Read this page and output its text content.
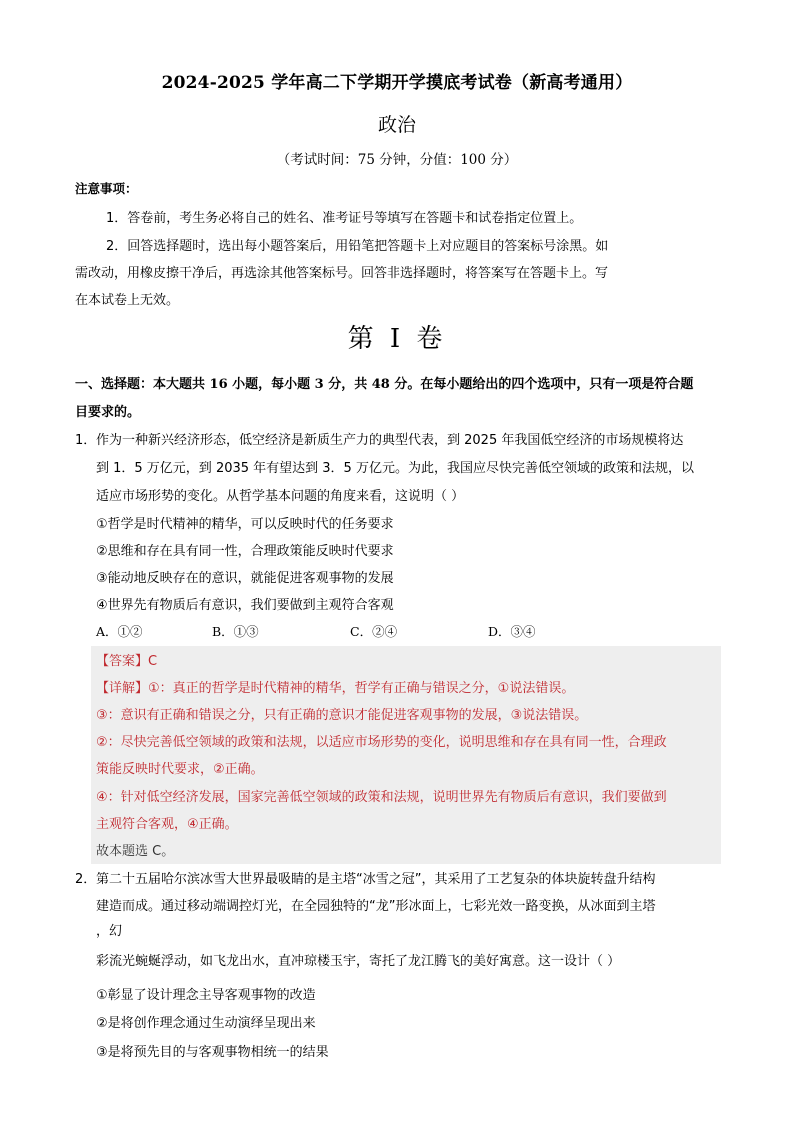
2024-2025 学年高二下学期开学摸底考试卷（新高考通用）
政治
（考试时间：75 分钟，分值：100 分）
注意事项：
1．答卷前，考生务必将自己的姓名、准考证号等填写在答题卡和试卷指定位置上。
2．回答选择题时，选出每小题答案后，用铅笔把答题卡上对应题目的答案标号涂黑。如
需改动，用橡皮擦干净后，再选涂其他答案标号。回答非选择题时，将答案写在答题卡上。写
在本试卷上无效。
第 I 卷
一、选择题：本大题共 16 小题，每小题 3 分，共 48 分。在每小题给出的四个选项中，只有一项是符合题
目要求的。
1． 作为一种新兴经济形态，低空经济是新质生产力的典型代表，到 2025 年我国低空经济的市场规模将达
到 1．5 万亿元，到 2035 年有望达到 3．5 万亿元。为此，我国应尽快完善低空领域的政策和法规，以
适应市场形势的变化。从哲学基本问题的角度来看，这说明（ ）
①哲学是时代精神的精华，可以反映时代的任务要求
②思维和存在具有同一性，合理政策能反映时代要求
③能动地反映存在的意识，就能促进客观事物的发展
④世界先有物质后有意识，我们要做到主观符合客观
A．①②	B．①③	C．②④	D．③④
【答案】C
【详解】①：真正的哲学是时代精神的精华，哲学有正确与错误之分，①说法错误。
③：意识有正确和错误之分，只有正确的意识才能促进客观事物的发展，③说法错误。
②：尽快完善低空领域的政策和法规，以适应市场形势的变化，说明思维和存在具有同一性，合理政
策能反映时代要求，②正确。
④：针对低空经济发展，国家完善低空领域的政策和法规，说明世界先有物质后有意识，我们要做到
主观符合客观，④正确。
故本题选 C。
2． 第二十五届哈尔滨冰雪大世界最吸睛的是主塔“冰雪之冠”，其采用了工艺复杂的体块旋转盘升结构
建造而成。通过移动端调控灯光，在全园独特的“龙”形冰面上，七彩光效一路变换，从冰面到主塔
，幻
彩流光蜿蜒浮动，如飞龙出水，直冲琼楼玉宇，寄托了龙江腾飞的美好寓意。这一设计（ ）
①彰显了设计理念主导客观事物的改造
②是将创作理念通过生动演绎呈现出来
③是将预先目的与客观事物相统一的结果
